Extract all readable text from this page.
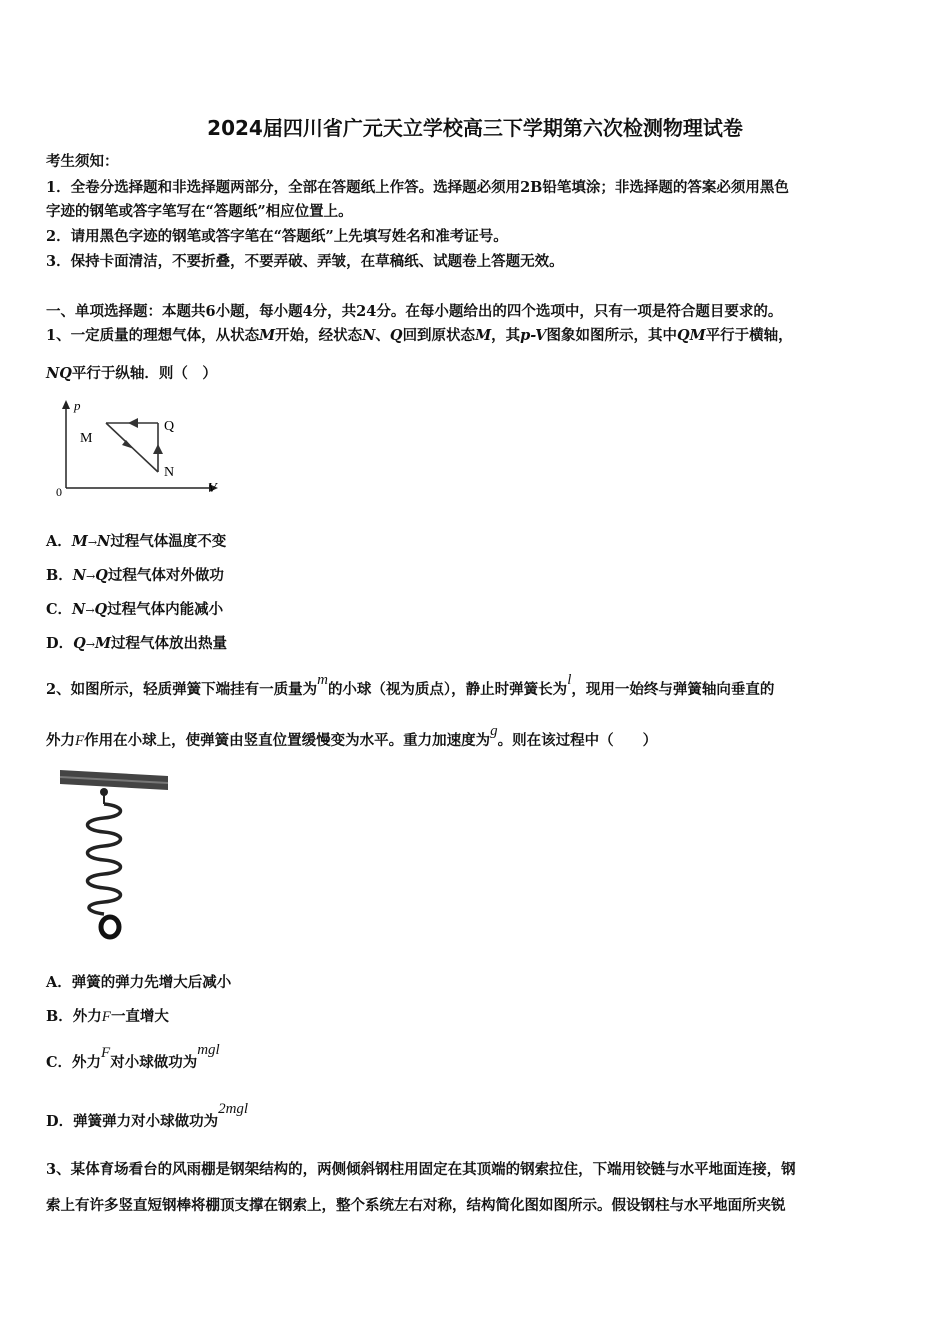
2024届四川省广元天立学校高三下学期第六次检测物理试卷
考生须知：
1．全卷分选择题和非选择题两部分，全部在答题纸上作答。选择题必须用2B铅笔填涂；非选择题的答案必须用黑色
字迹的钢笔或答字笔写在“答题纸”相应位置上。
2．请用黑色字迹的钢笔或答字笔在“答题纸”上先填写姓名和准考证号。
3．保持卡面清洁，不要折叠，不要弄破、弄皱，在草稿纸、试题卷上答题无效。
一、单项选择题：本题共6小题，每小题4分，共24分。在每小题给出的四个选项中，只有一项是符合题目要求的。
1、一定质量的理想气体，从状态M开始，经状态N、Q回到原状态M，其p-V图象如图所示，其中QM平行于横轴，
NQ平行于纵轴．则（　）
p
V
0
M
Q
N
A．M→N过程气体温度不变
B．N→Q过程气体对外做功
C．N→Q过程气体内能减小
D．Q→M过程气体放出热量
2、如图所示，轻质弹簧下端挂有一质量为m的小球（视为质点），静止时弹簧长为l，现用一始终与弹簧轴向垂直的
外力F作用在小球上，使弹簧由竖直位置缓慢变为水平。重力加速度为g。则在该过程中（　　）
A．弹簧的弹力先增大后减小
B．外力F一直增大
C．外力F对小球做功为mgl
D．弹簧弹力对小球做功为2mgl
3、某体育场看台的风雨棚是钢架结构的，两侧倾斜钢柱用固定在其顶端的钢索拉住，下端用铰链与水平地面连接，钢
索上有许多竖直短钢棒将棚顶支撑在钢索上，整个系统左右对称，结构简化图如图所示。假设钢柱与水平地面所夹锐
